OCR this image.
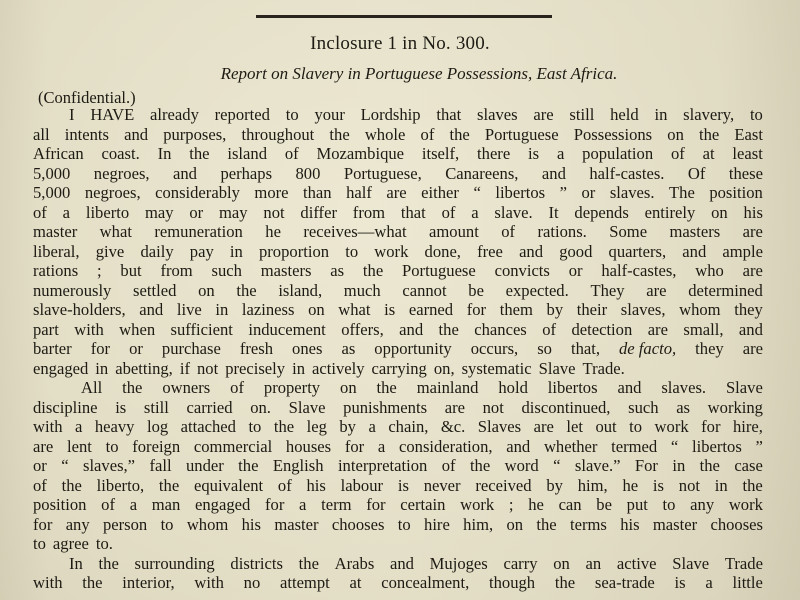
Inclosure 1 in No. 300.
Report on Slavery in Portuguese Possessions, East Africa.
(Confidential.)
I HAVE already reported to your Lordship that slaves are still held in slavery, to
all intents and purposes, throughout the whole of the Portuguese Possessions on the East
African coast. In the island of Mozambique itself, there is a population of at least
5,000 negroes, and perhaps 800 Portuguese, Canareens, and half-castes. Of these
5,000 negroes, considerably more than half are either “ libertos ” or slaves. The position
of a liberto may or may not differ from that of a slave. It depends entirely on his
master what remuneration he receives—what amount of rations. Some masters are
liberal, give daily pay in proportion to work done, free and good quarters, and ample
rations ; but from such masters as the Portuguese convicts or half-castes, who are
numerously settled on the island, much cannot be expected. They are determined
slave-holders, and live in laziness on what is earned for them by their slaves, whom they
part with when sufficient inducement offers, and the chances of detection are small, and
barter for or purchase fresh ones as opportunity occurs, so that, de facto, they are
engaged in abetting, if not precisely in actively carrying on, systematic Slave Trade.
All the owners of property on the mainland hold libertos and slaves. Slave
discipline is still carried on. Slave punishments are not discontinued, such as working
with a heavy log attached to the leg by a chain, &c. Slaves are let out to work for hire,
are lent to foreign commercial houses for a consideration, and whether termed “ libertos ”
or “ slaves,” fall under the English interpretation of the word “ slave.” For in the case
of the liberto, the equivalent of his labour is never received by him, he is not in the
position of a man engaged for a term for certain work ; he can be put to any work
for any person to whom his master chooses to hire him, on the terms his master chooses
to agree to.
In the surrounding districts the Arabs and Mujoges carry on an active Slave Trade
with the interior, with no attempt at concealment, though the sea-trade is a little
